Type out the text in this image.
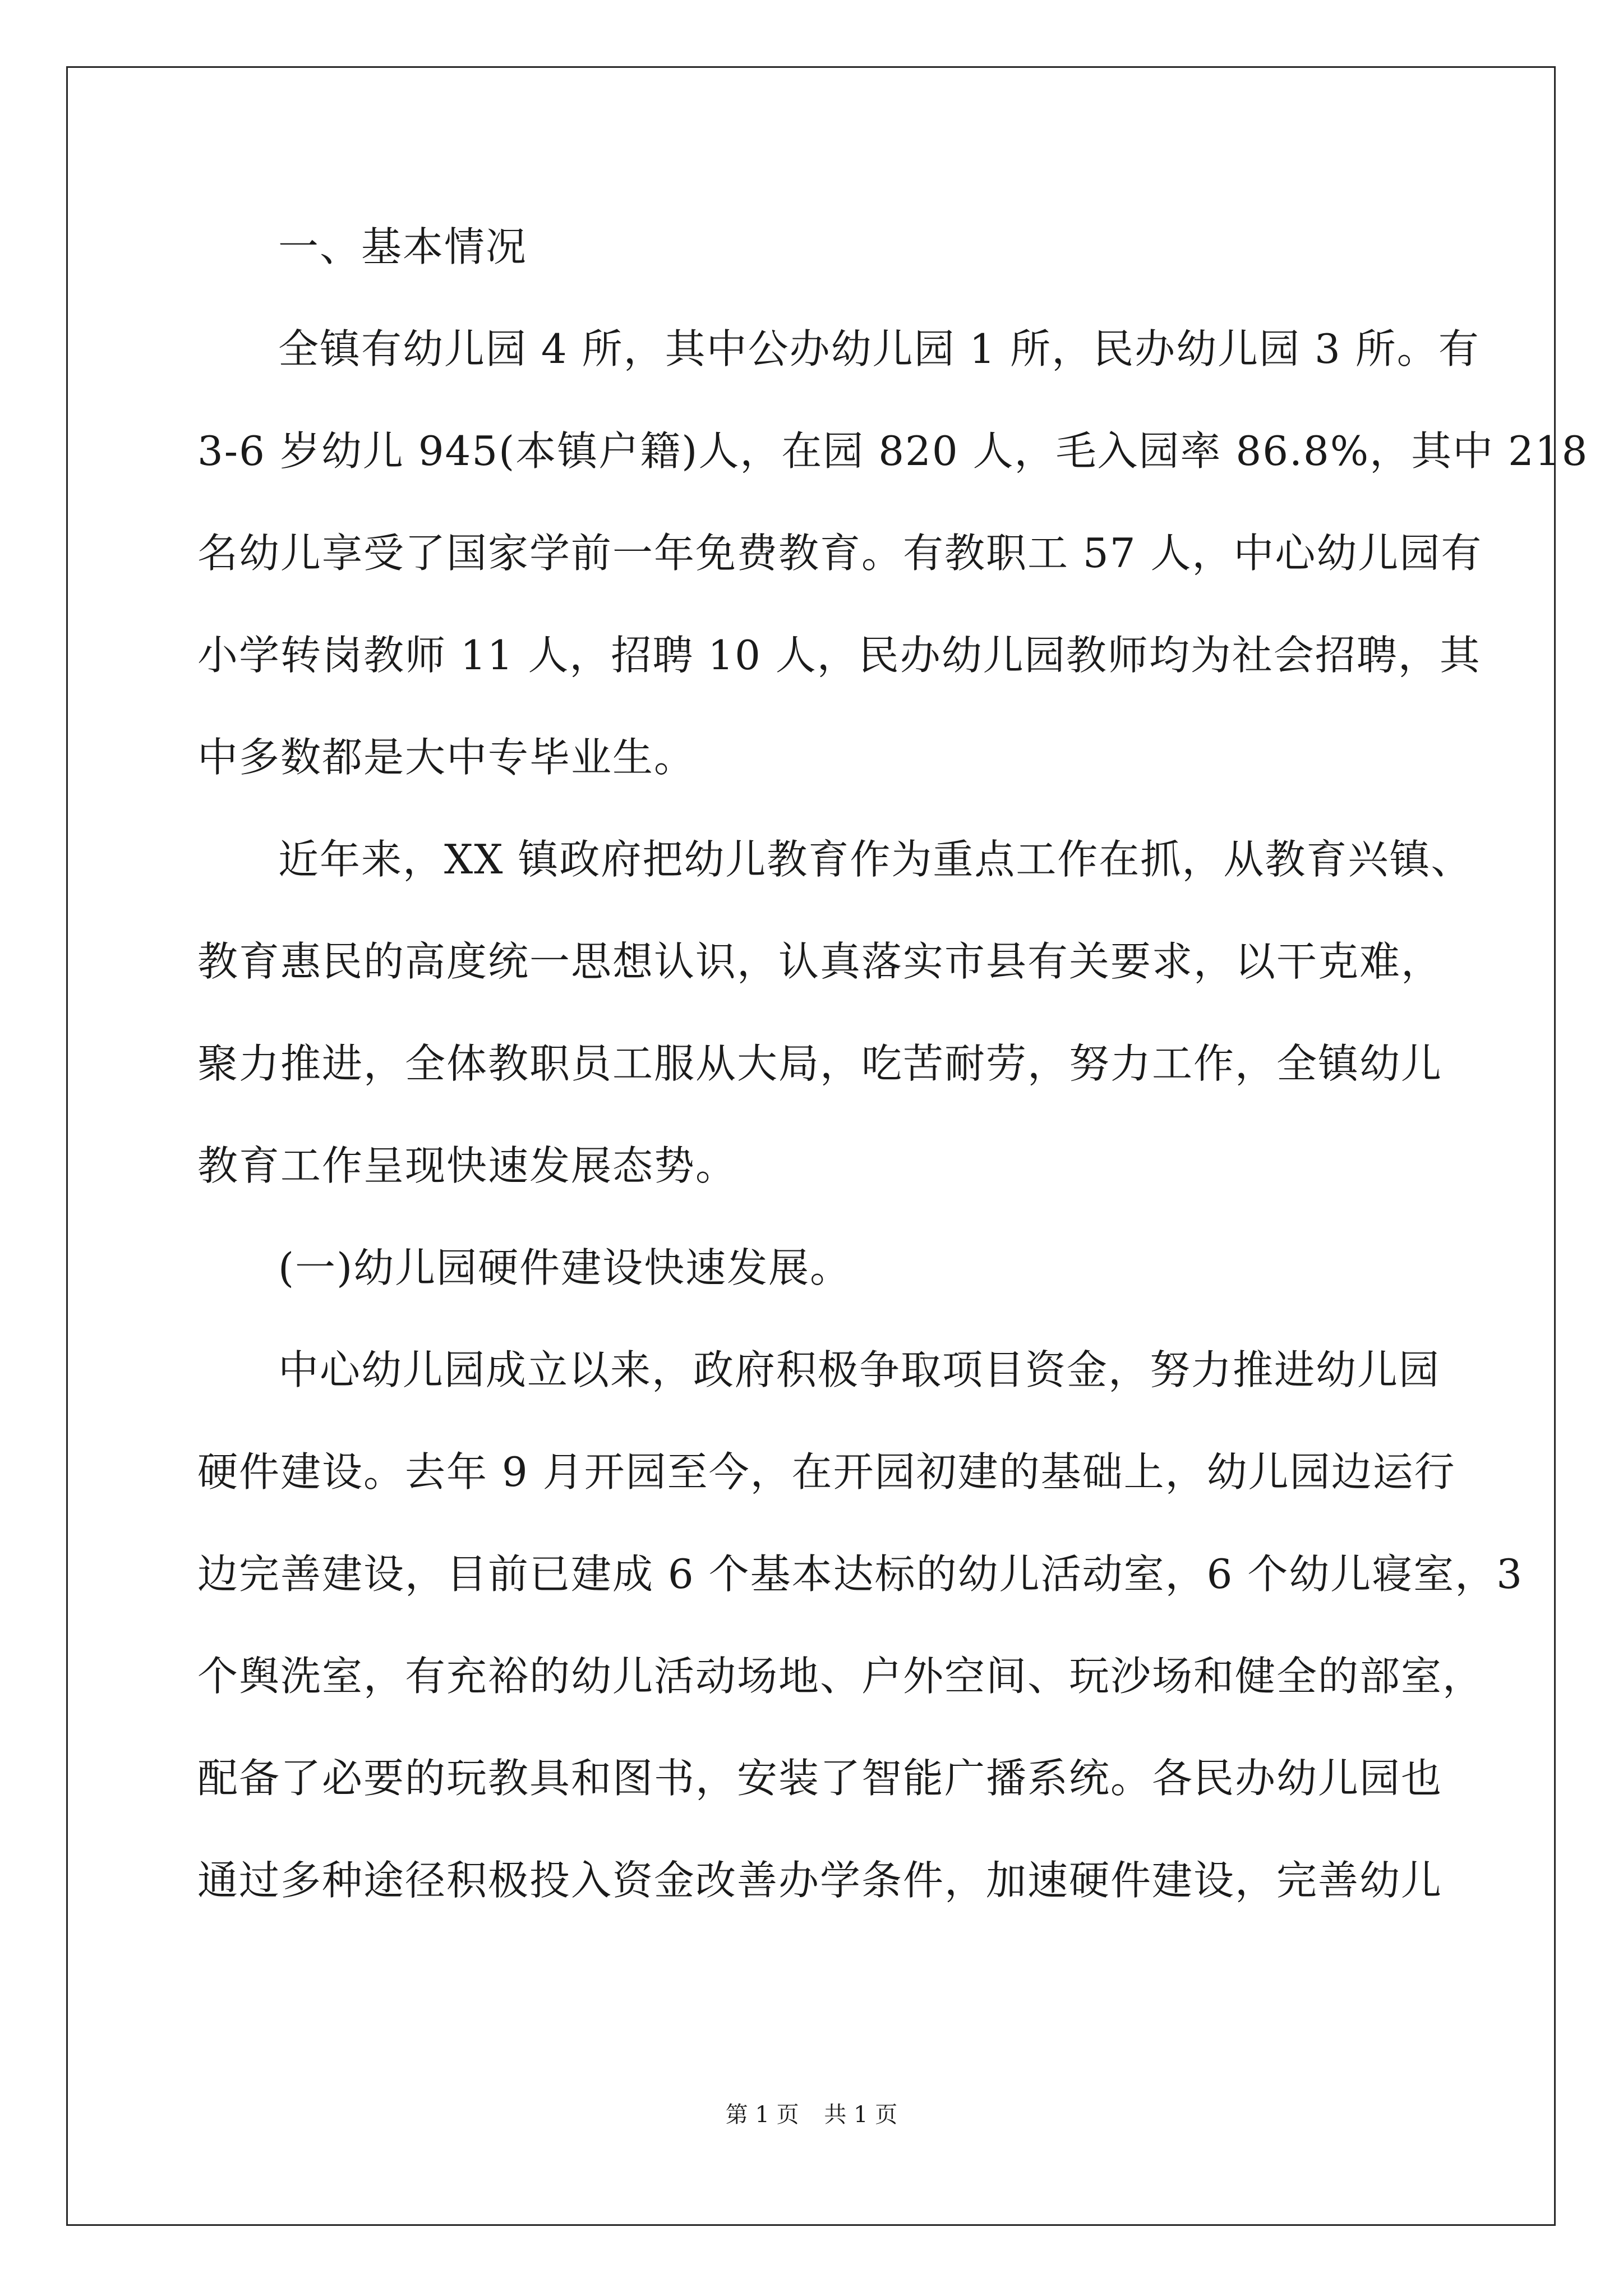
一、基本情况
全镇有幼儿园 4 所，其中公办幼儿园 1 所，民办幼儿园 3 所。有
3-6 岁幼儿 945(本镇户籍)人，在园 820 人，毛入园率 86.8%，其中 218
名幼儿享受了国家学前一年免费教育。有教职工 57 人，中心幼儿园有
小学转岗教师 11 人，招聘 10 人，民办幼儿园教师均为社会招聘，其
中多数都是大中专毕业生。
近年来，XX 镇政府把幼儿教育作为重点工作在抓，从教育兴镇、
教育惠民的高度统一思想认识，认真落实市县有关要求，以干克难，
聚力推进，全体教职员工服从大局，吃苦耐劳，努力工作，全镇幼儿
教育工作呈现快速发展态势。
(一)幼儿园硬件建设快速发展。
中心幼儿园成立以来，政府积极争取项目资金，努力推进幼儿园
硬件建设。去年 9 月开园至今，在开园初建的基础上，幼儿园边运行
边完善建设，目前已建成 6 个基本达标的幼儿活动室，6 个幼儿寝室，3
个舆洗室，有充裕的幼儿活动场地、户外空间、玩沙场和健全的部室，
配备了必要的玩教具和图书，安装了智能广播系统。各民办幼儿园也
通过多种途径积极投入资金改善办学条件，加速硬件建设，完善幼儿
第 1 页 共 1 页
